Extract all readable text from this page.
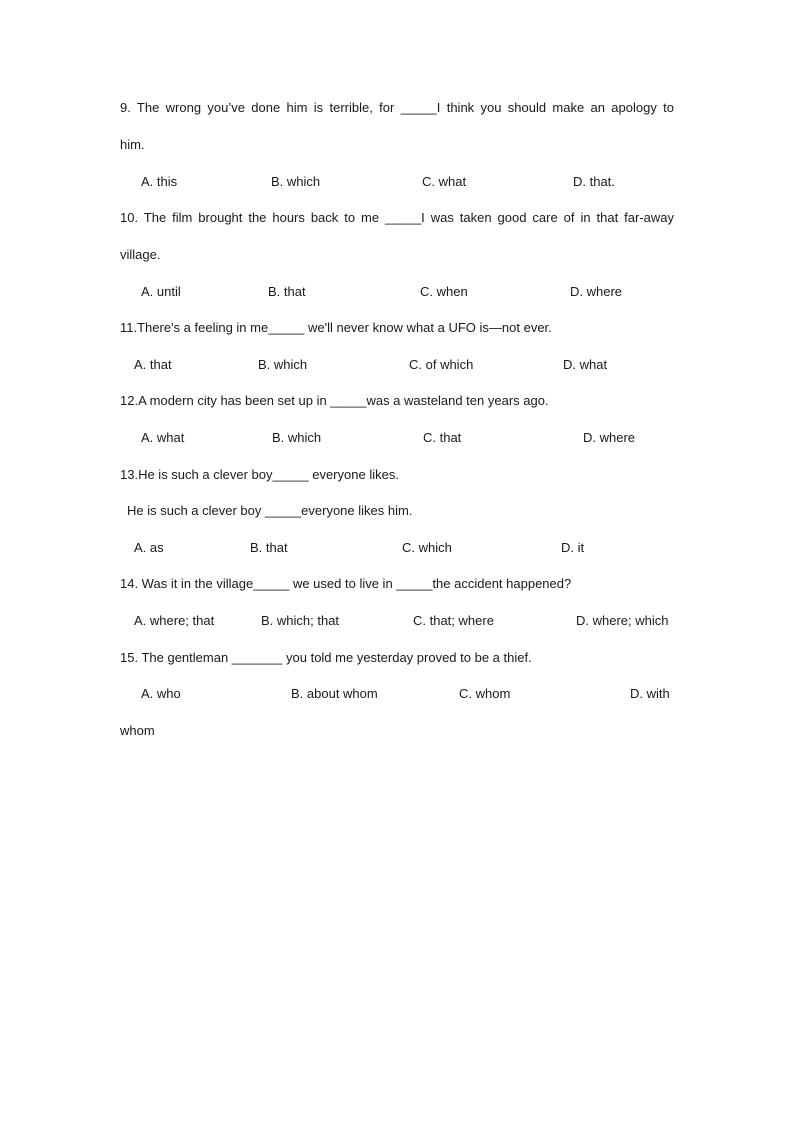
9. The wrong you’ve done him is terrible, for _____I think you should make an apology to
him.
A. this	B. which	C. what	D. that.
10. The film brought the hours back to me _____I was taken good care of in that far-away
village.
A. until	B. that	C. when	D. where
11.There's a feeling in me_____ we'll never know what a UFO is—not ever.
A. that	B. which	C. of which	D. what
12.A modern city has been set up in _____was a wasteland ten years ago.
A. what	B. which	C. that	D. where
13.He is such a clever boy_____ everyone likes.
He is such a clever boy _____everyone likes him.
A. as	B. that	C. which	D. it
14. Was it in the village_____ we used to live in _____the accident happened?
A. where; that	B. which; that	C. that; where	D. where; which
15. The gentleman _______ you told me yesterday proved to be a thief.
A. who	B. about whom	C. whom	D. with
whom
